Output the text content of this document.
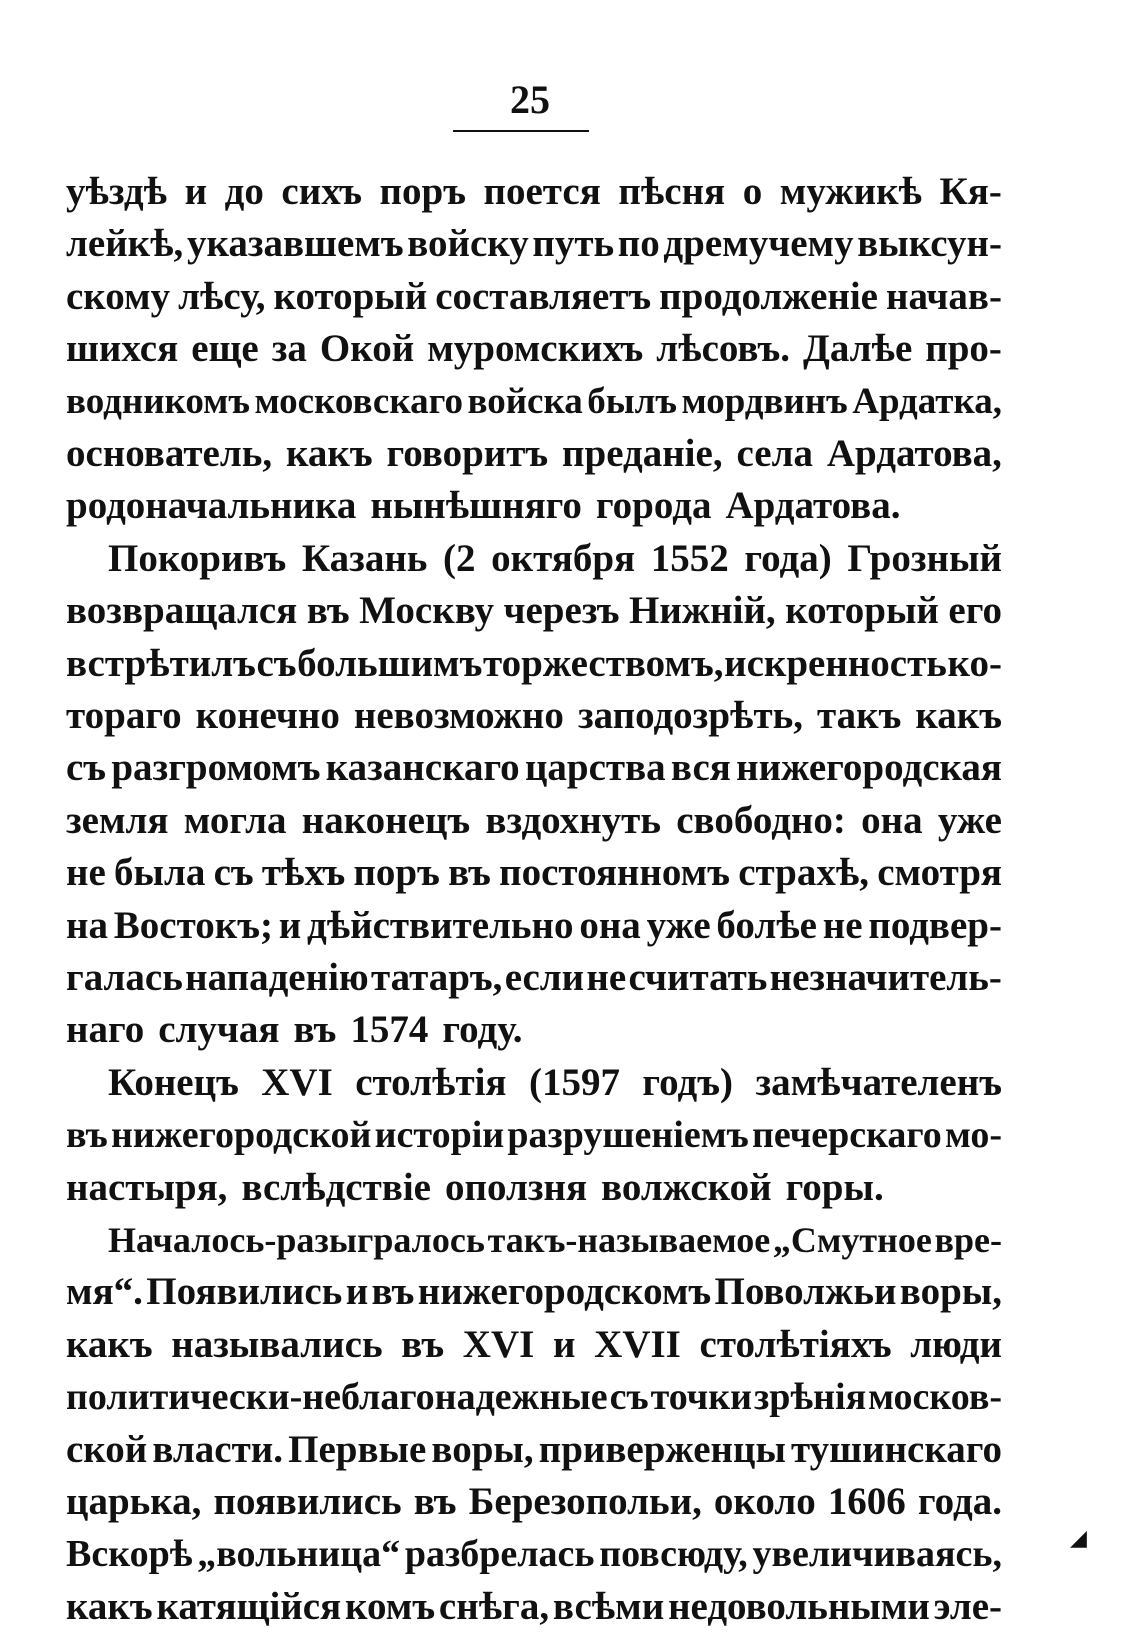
25
уѣздѣ и до сихъ поръ поется пѣсня о мужикѣ Кя-
лейкѣ, указавшемъ войску путь по дремучему выксун-
скому лѣсу, который составляетъ продолженіе начав-
шихся еще за Окой муромскихъ лѣсовъ. Далѣе про-
водникомъ московскаго войска былъ мордвинъ Ардатка,
основатель, какъ говоритъ преданіе, села Ардатова,
родоначальника нынѣшняго города Ардатова.
Покоривъ Казань (2 октября 1552 года) Грозный
возвращался въ Москву черезъ Нижній, который его
встрѣтилъ съ большимъ торжествомъ, искренность ко-
тораго конечно невозможно заподозрѣть, такъ какъ
съ разгромомъ казанскаго царства вся нижегородская
земля могла наконецъ вздохнуть свободно: она уже
не была съ тѣхъ поръ въ постоянномъ страхѣ, смотря
на Востокъ; и дѣйствительно она уже болѣе не подвер-
галась нападенію татаръ, если не считать незначитель-
наго случая въ 1574 году.
Конецъ XVI столѣтія (1597 годъ) замѣчателенъ
въ нижегородской исторіи разрушеніемъ печерскаго мо-
настыря, вслѣдствіе оползня волжской горы.
Началось-разыгралось такъ-называемое „Смутное вре-
мя“. Появились и въ нижегородскомъ Поволжьи воры,
какъ назывались въ XVI и XVII столѣтіяхъ люди
политически-неблагонадежные съ точки зрѣнія москов-
ской власти. Первые воры, приверженцы тушинскаго
царька, появились въ Березопольи, около 1606 года.
Вскорѣ „вольница“ разбрелась повсюду, увеличиваясь,
какъ катящійся комъ снѣга, всѣми недовольными эле-
◢
